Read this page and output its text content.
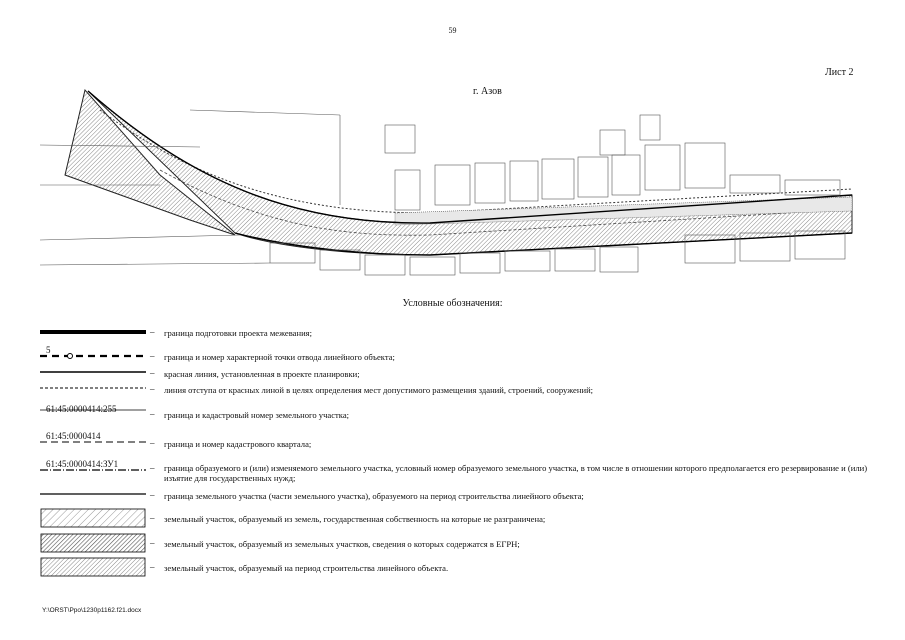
59
Лист 2
г. Азов
Условные обозначения:
– граница подготовки проекта межевания;
5
– граница и номер характерной точки отвода линейного объекта;
– красная линия, установленная в проекте планировки;
– линия отступа от красных линой в целях определения мест допустимого размещения зданий, строений, сооружений;
61:45:0000414:255	– граница и кадастровый номер земельного участка;
61:45:0000414
– граница и номер кадастрового квартала;
61:45:0000414:ЗУ1	– граница образуемого и (или) изменяемого земельного участка, условный номер образуемого земельного участка, в том числе в отношении которого предполагается его резервирование и (или) изъятие для государственных нужд;
– граница земельного участка (части земельного участка), образуемого на период строительства линейного объекта;
– земельный участок, образуемый из земель, государственная собственность на которые не разграничена;
– земельный участок, образуемый из земельных участков, сведения о которых содержатся в ЕГРН;
– земельный участок, образуемый на период строительства линейного объекта.
Y:\ORST\Ppo\1230p1162.f21.docx
